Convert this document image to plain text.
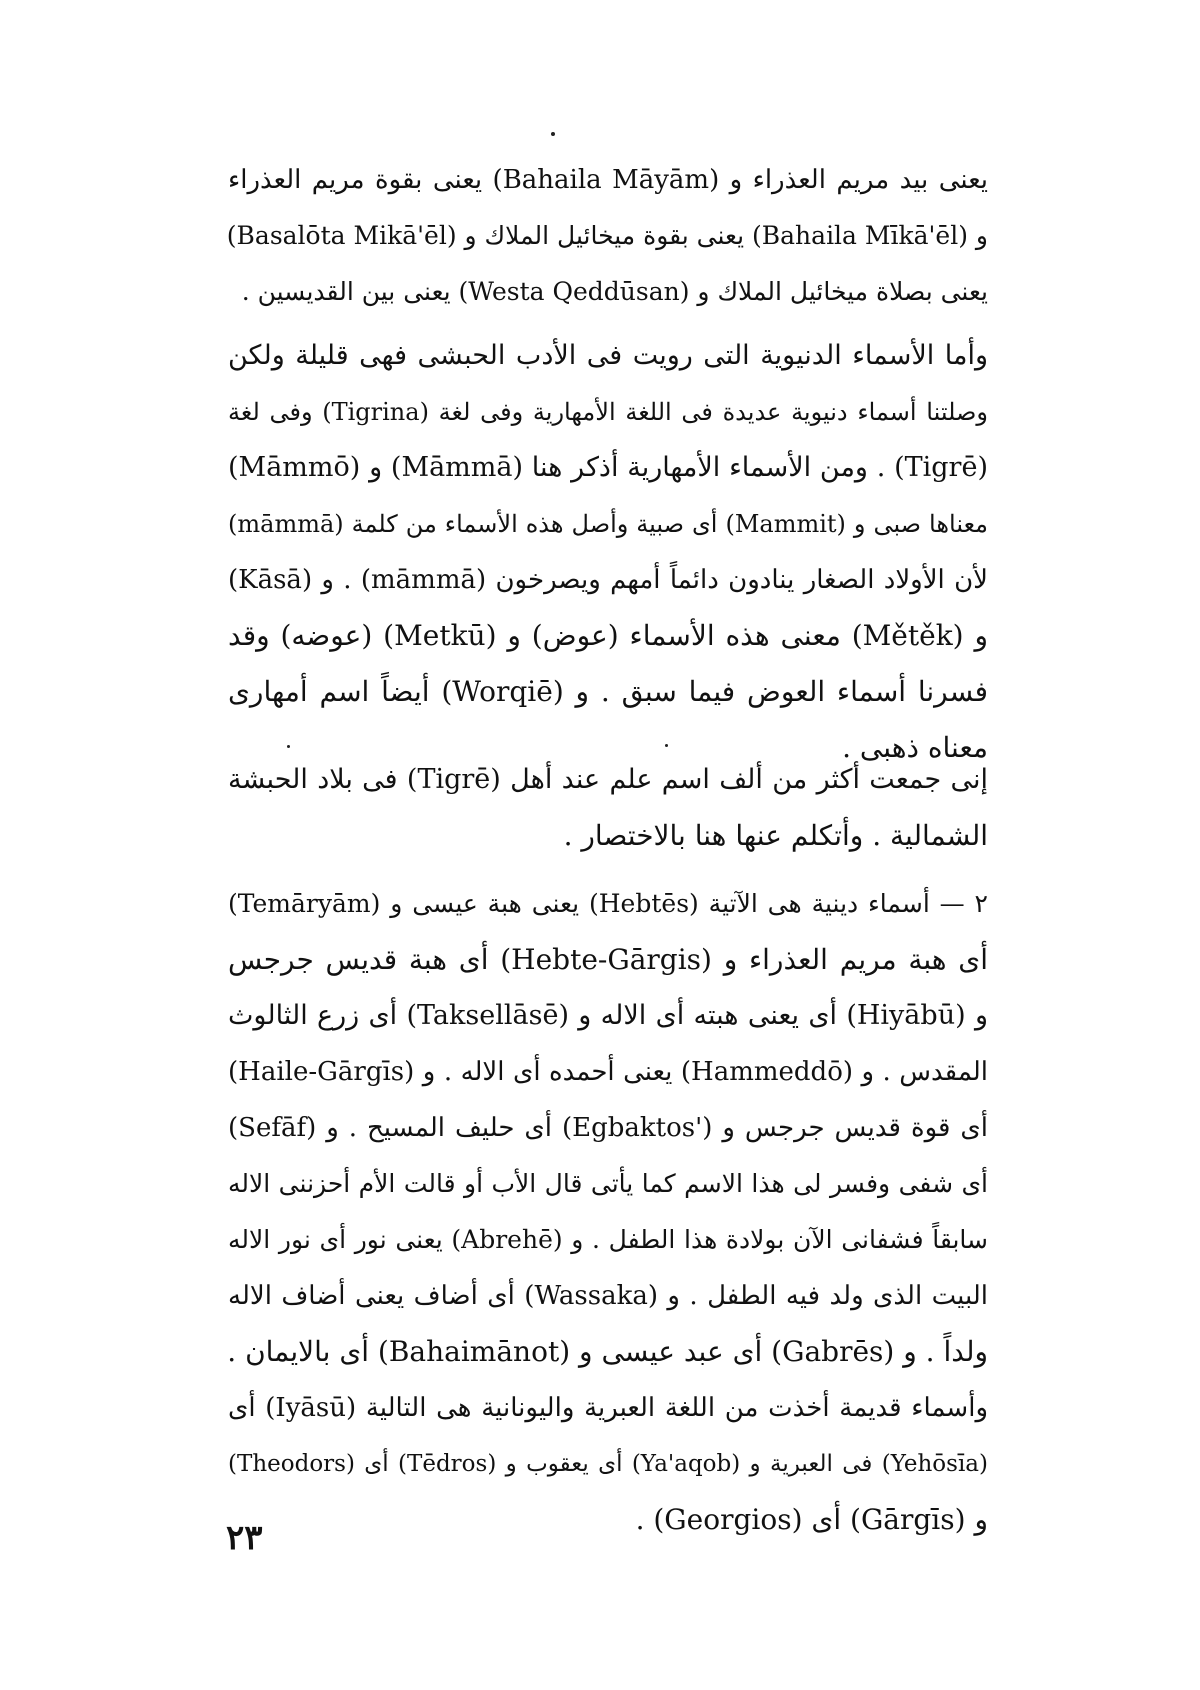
يعنى بيد مريم العذراء و (Bahaila Māyām) يعنى بقوة مريم العذراء
و (Bahaila Mīkā'ēl) يعنى بقوة ميخائيل الملاك و (Basalōta Mikā'ēl)
يعنى بصلاة ميخائيل الملاك و (Westa Qeddūsan) يعنى بين القديسين .
وأما الأسماء الدنيوية التى رويت فى الأدب الحبشى فهى قليلة ولكن
وصلتنا أسماء دنيوية عديدة فى اللغة الأمهارية وفى لغة (Tigrina) وفى لغة
(Tigrē) . ومن الأسماء الأمهارية أذكر هنا (Māmmā) و (Māmmō)
معناها صبى و (Mammit) أى صبية وأصل هذه الأسماء من كلمة (māmmā)
لأن الأولاد الصغار ينادون دائماً أمهم ويصرخون (māmmā) . و (Kāsā)
و (Mětěk) معنى هذه الأسماء (عوض) و (Metkū) (عوضه) وقد
فسرنا أسماء العوض فيما سبق . و (Worqiē) أيضاً اسم أمهارى
معناه ذهبى .
إنى جمعت أكثر من ألف اسم علم عند أهل (Tigrē) فى بلاد الحبشة
الشمالية . وأتكلم عنها هنا بالاختصار .
٢ — أسماء دينية هى الآتية (Hebtēs) يعنى هبة عيسى و (Temāryām)
أى هبة مريم العذراء و (Hebte-Gārgis) أى هبة قديس جرجس
و (Hiyābū) أى يعنى هبته أى الاله و (Taksellāsē) أى زرع الثالوث
المقدس . و (Hammeddō) يعنى أحمده أى الاله . و (Haile-Gārgīs)
أى قوة قديس جرجس و ('Egbaktos) أى حليف المسيح . و (Sefāf)
أى شفى وفسر لى هذا الاسم كما يأتى قال الأب أو قالت الأم أحزننى الاله
سابقاً فشفانى الآن بولادة هذا الطفل . و (Abrehē) يعنى نور أى نور الاله
البيت الذى ولد فيه الطفل . و (Wassaka) أى أضاف يعنى أضاف الاله
ولداً . و (Gabrēs) أى عبد عيسى و (Bahaimānot) أى بالايمان .
وأسماء قديمة أخذت من اللغة العبرية واليونانية هى التالية (Iyāsū) أى
(Yehōsīa) فى العبرية و (Ya'aqob) أى يعقوب و (Tēdros) أى (Theodors)
و (Gārgīs) أى (Georgios) .
٢٣
